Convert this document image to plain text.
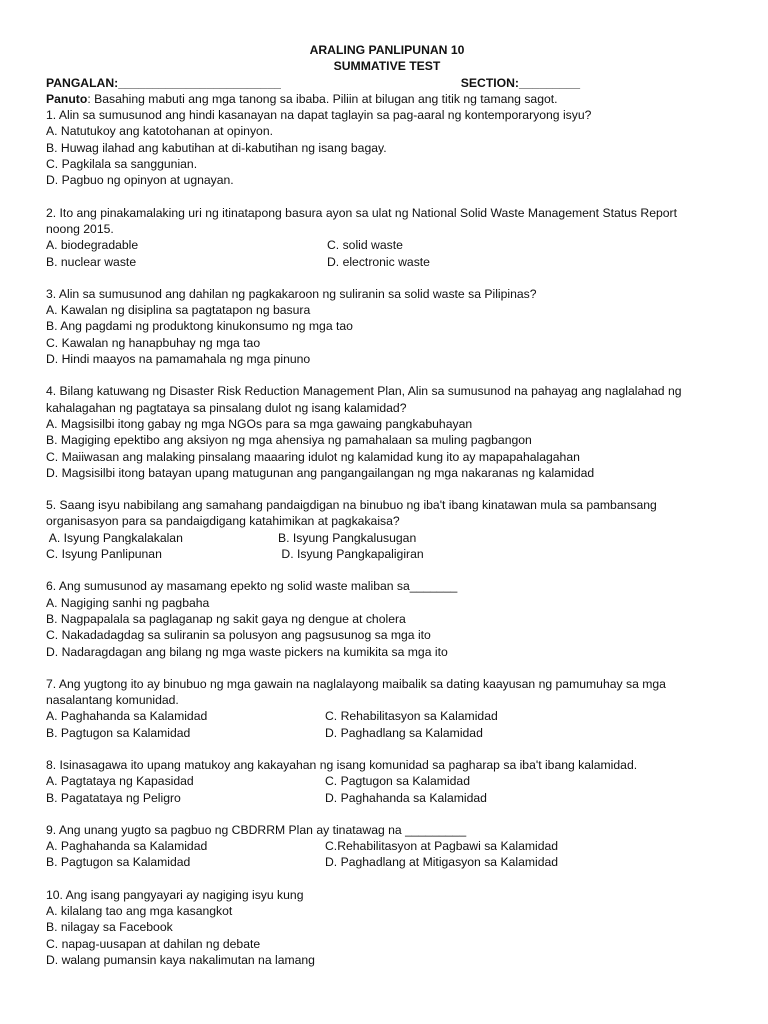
ARALING PANLIPUNAN 10
SUMMATIVE TEST
PANGALAN:________________________	SECTION:_________
Panuto: Basahing mabuti ang mga tanong sa ibaba. Piliin at bilugan ang titik ng tamang sagot.
1. Alin sa sumusunod ang hindi kasanayan na dapat taglayin sa pag-aaral ng kontemporaryong isyu?
A. Natutukoy ang katotohanan at opinyon.
B. Huwag ilahad ang kabutihan at di-kabutihan ng isang bagay.
C. Pagkilala sa sanggunian.
D. Pagbuo ng opinyon at ugnayan.
2. Ito ang pinakamalaking uri ng itinatapong basura ayon sa ulat ng National Solid Waste Management Status Report
noong 2015.
A. biodegradable	C. solid waste
B. nuclear waste	D. electronic waste
3. Alin sa sumusunod ang dahilan ng pagkakaroon ng suliranin sa solid waste sa Pilipinas?
A. Kawalan ng disiplina sa pagtatapon ng basura
B. Ang pagdami ng produktong kinukonsumo ng mga tao
C. Kawalan ng hanapbuhay ng mga tao
D. Hindi maayos na pamamahala ng mga pinuno
4. Bilang katuwang ng Disaster Risk Reduction Management Plan, Alin sa sumusunod na pahayag ang naglalahad ng
kahalagahan ng pagtataya sa pinsalang dulot ng isang kalamidad?
A. Magsisilbi itong gabay ng mga NGOs para sa mga gawaing pangkabuhayan
B. Magiging epektibo ang aksiyon ng mga ahensiya ng pamahalaan sa muling pagbangon
C. Maiiwasan ang malaking pinsalang maaaring idulot ng kalamidad kung ito ay mapapahalagahan
D. Magsisilbi itong batayan upang matugunan ang pangangailangan ng mga nakaranas ng kalamidad
5. Saang isyu nabibilang ang samahang pandaigdigan na binubuo ng iba't ibang kinatawan mula sa pambansang
organisasyon para sa pandaigdigang katahimikan at pagkakaisa?
A. Isyung Pangkalakalan	B. Isyung Pangkalusugan
C. Isyung Panlipunan	D. Isyung Pangkapaligiran
6. Ang sumusunod ay masamang epekto ng solid waste maliban sa_______
A. Nagiging sanhi ng pagbaha
B. Nagpapalala sa paglaganap ng sakit gaya ng dengue at cholera
C. Nakadadagdag sa suliranin sa polusyon ang pagsusunog sa mga ito
D. Nadaragdagan ang bilang ng mga waste pickers na kumikita sa mga ito
7. Ang yugtong ito ay binubuo ng mga gawain na naglalayong maibalik sa dating kaayusan ng pamumuhay sa mga
nasalantang komunidad.
A. Paghahanda sa Kalamidad	C. Rehabilitasyon sa Kalamidad
B. Pagtugon sa Kalamidad	D. Paghadlang sa Kalamidad
8. Isinasagawa ito upang matukoy ang kakayahan ng isang komunidad sa pagharap sa iba't ibang kalamidad.
A. Pagtataya ng Kapasidad	C. Pagtugon sa Kalamidad
B. Pagatataya ng Peligro	D. Paghahanda sa Kalamidad
9. Ang unang yugto sa pagbuo ng CBDRRM Plan ay tinatawag na _________
A. Paghahanda sa Kalamidad	C.Rehabilitasyon at Pagbawi sa Kalamidad
B. Pagtugon sa Kalamidad	D. Paghadlang at Mitigasyon sa Kalamidad
10. Ang isang pangyayari ay nagiging isyu kung
A. kilalang tao ang mga kasangkot
B. nilagay sa Facebook
C. napag-uusapan at dahilan ng debate
D. walang pumansin kaya nakalimutan na lamang
